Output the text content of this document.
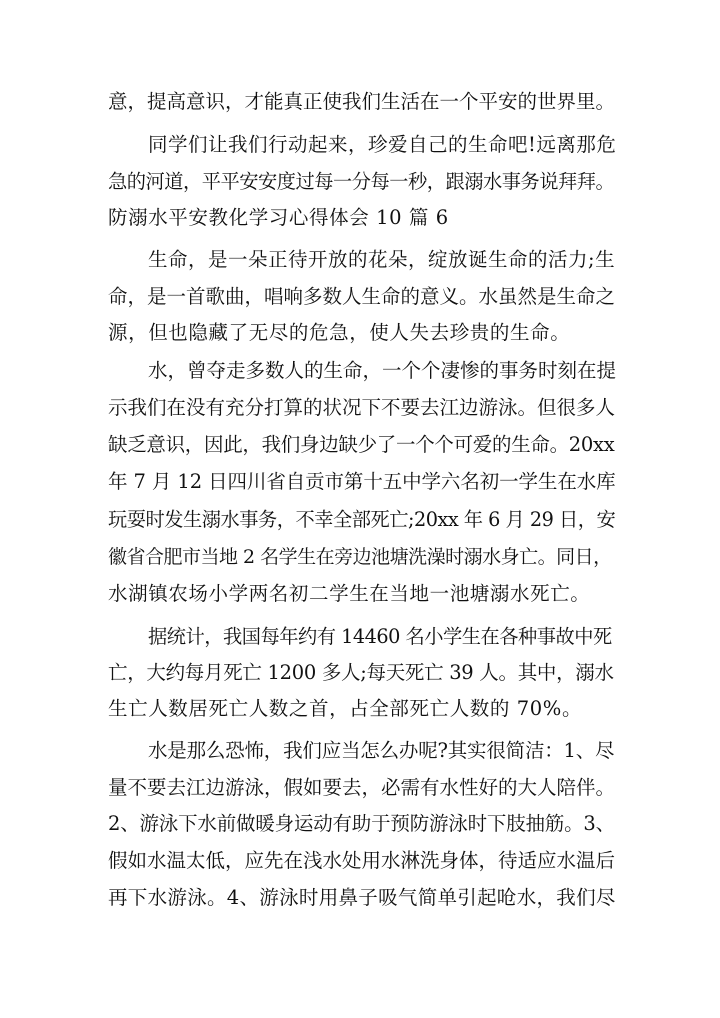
意，提高意识，才能真正使我们生活在一个平安的世界里。
同学们让我们行动起来，珍爱自己的生命吧!远离那危
急的河道，平平安安度过每一分每一秒，跟溺水事务说拜拜。
防溺水平安教化学习心得体会 10 篇 6
生命，是一朵正待开放的花朵，绽放诞生命的活力;生
命，是一首歌曲，唱响多数人生命的意义。水虽然是生命之
源，但也隐藏了无尽的危急，使人失去珍贵的生命。
水，曾夺走多数人的生命，一个个凄惨的事务时刻在提
示我们在没有充分打算的状况下不要去江边游泳。但很多人
缺乏意识，因此，我们身边缺少了一个个可爱的生命。20xx
年 7 月 12 日四川省自贡市第十五中学六名初一学生在水库
玩耍时发生溺水事务，不幸全部死亡;20xx 年 6 月 29 日，安
徽省合肥市当地 2 名学生在旁边池塘洗澡时溺水身亡。同日，
水湖镇农场小学两名初二学生在当地一池塘溺水死亡。
据统计，我国每年约有 14460 名小学生在各种事故中死
亡，大约每月死亡 1200 多人;每天死亡 39 人。其中，溺水
生亡人数居死亡人数之首，占全部死亡人数的 70%。
水是那么恐怖，我们应当怎么办呢?其实很简洁：1、尽
量不要去江边游泳，假如要去，必需有水性好的大人陪伴。
2、游泳下水前做暖身运动有助于预防游泳时下肢抽筋。3、
假如水温太低，应先在浅水处用水淋洗身体，待适应水温后
再下水游泳。4、游泳时用鼻子吸气简单引起呛水，我们尽
